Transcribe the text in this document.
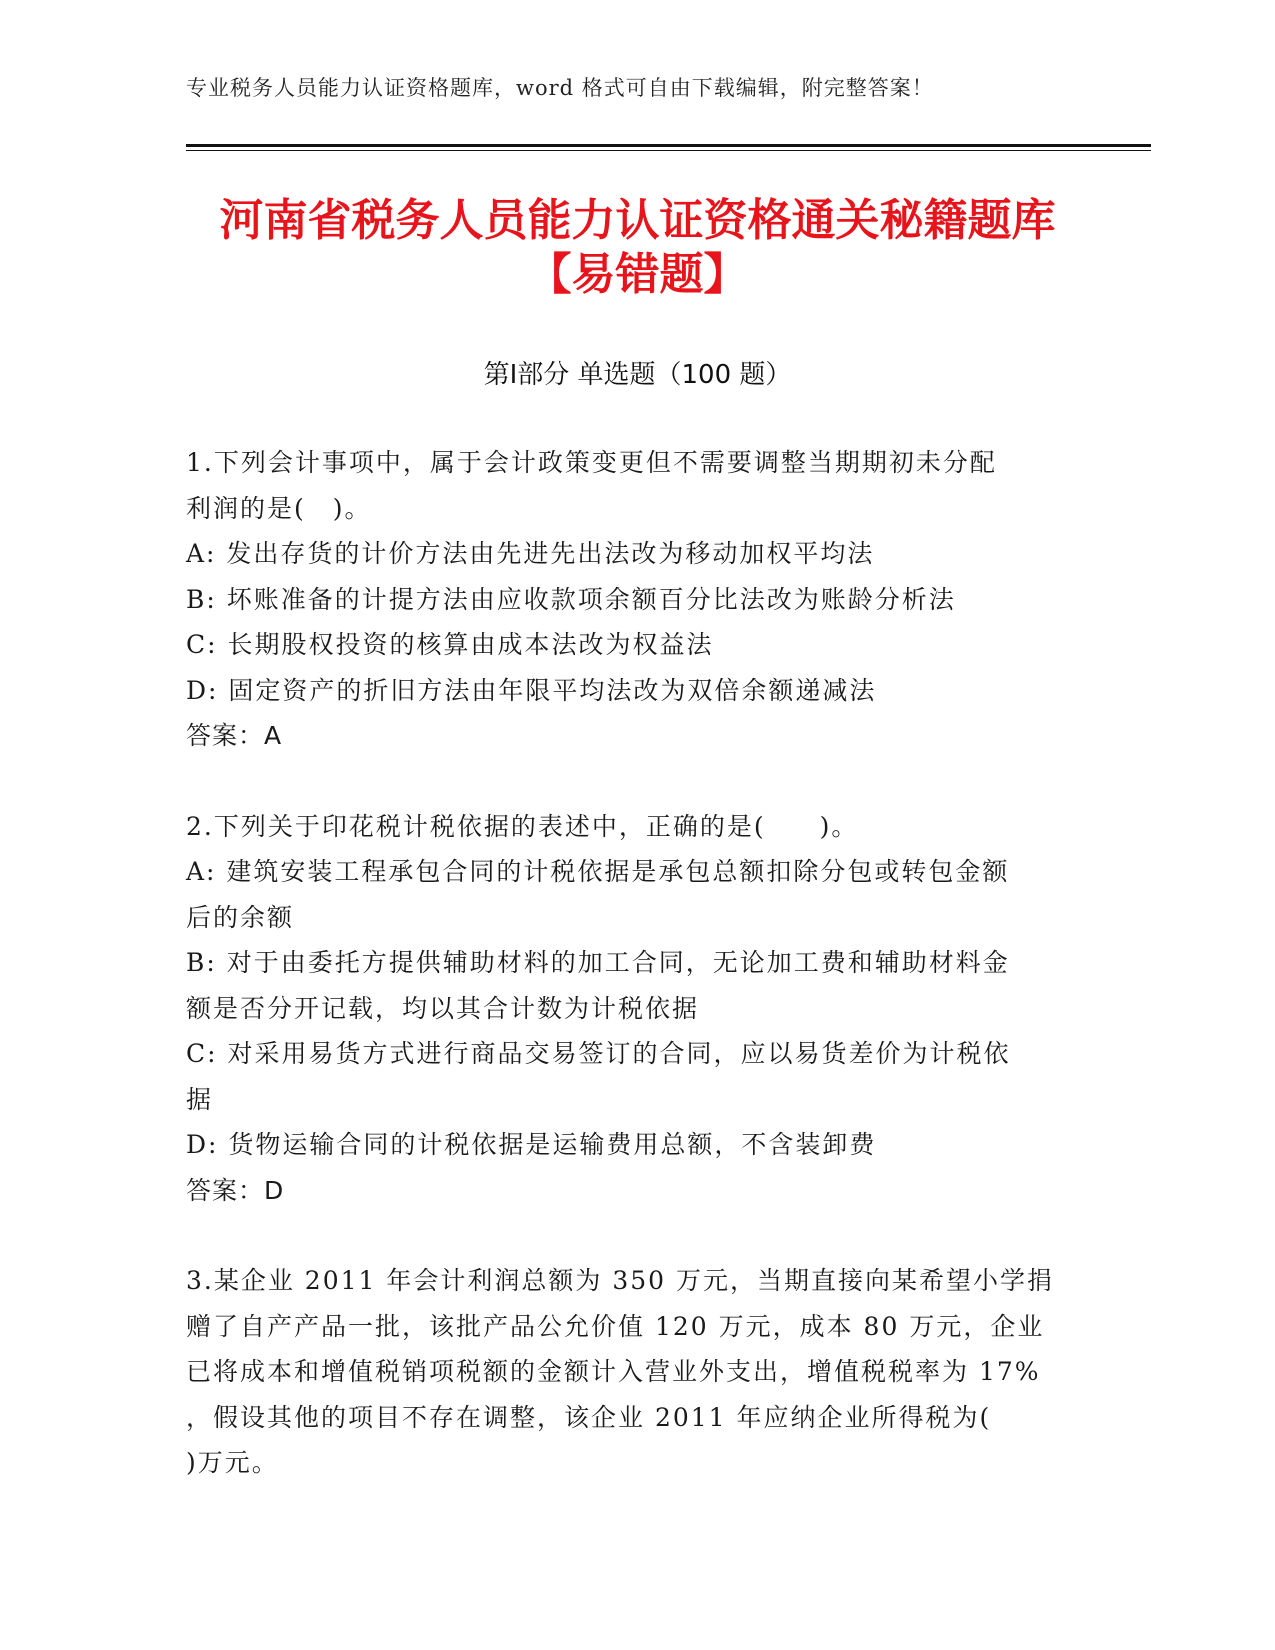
专业税务人员能力认证资格题库，word 格式可自由下载编辑，附完整答案！
河南省税务人员能力认证资格通关秘籍题库
【易错题】
第Ⅰ部分 单选题（100 题）
1.下列会计事项中，属于会计政策变更但不需要调整当期期初未分配
利润的是(　)。
A: 发出存货的计价方法由先进先出法改为移动加权平均法
B: 坏账准备的计提方法由应收款项余额百分比法改为账龄分析法
C: 长期股权投资的核算由成本法改为权益法
D: 固定资产的折旧方法由年限平均法改为双倍余额递减法
答案：A
2.下列关于印花税计税依据的表述中，正确的是(　　)。
A: 建筑安装工程承包合同的计税依据是承包总额扣除分包或转包金额
后的余额
B: 对于由委托方提供辅助材料的加工合同，无论加工费和辅助材料金
额是否分开记载，均以其合计数为计税依据
C: 对采用易货方式进行商品交易签订的合同，应以易货差价为计税依
据
D: 货物运输合同的计税依据是运输费用总额，不含装卸费
答案：D
3.某企业 2011 年会计利润总额为 350 万元，当期直接向某希望小学捐
赠了自产产品一批，该批产品公允价值 120 万元，成本 80 万元，企业
已将成本和增值税销项税额的金额计入营业外支出，增值税税率为 17%
，假设其他的项目不存在调整，该企业 2011 年应纳企业所得税为(
)万元。
